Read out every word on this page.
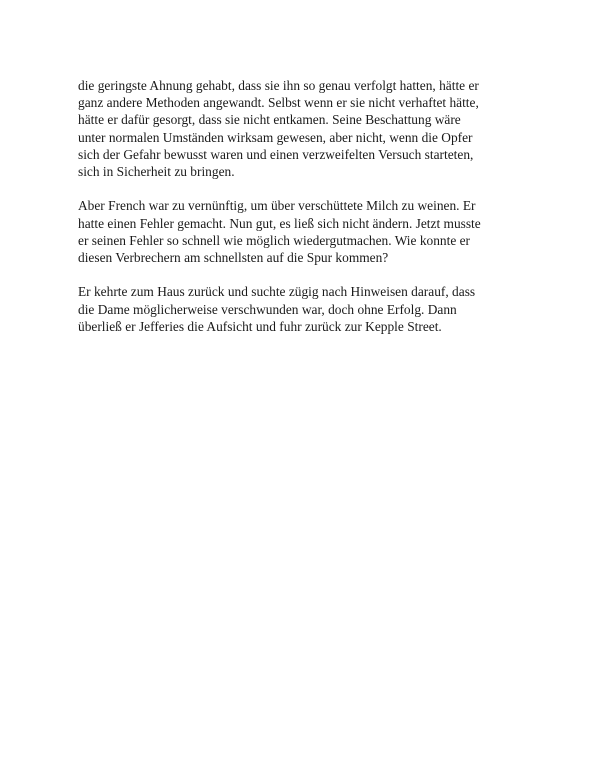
die geringste Ahnung gehabt, dass sie ihn so genau verfolgt hatten, hätte er
ganz andere Methoden angewandt. Selbst wenn er sie nicht verhaftet hätte,
hätte er dafür gesorgt, dass sie nicht entkamen. Seine Beschattung wäre
unter normalen Umständen wirksam gewesen, aber nicht, wenn die Opfer
sich der Gefahr bewusst waren und einen verzweifelten Versuch starteten,
sich in Sicherheit zu bringen.

Aber French war zu vernünftig, um über verschüttete Milch zu weinen. Er
hatte einen Fehler gemacht. Nun gut, es ließ sich nicht ändern. Jetzt musste
er seinen Fehler so schnell wie möglich wiedergutmachen. Wie konnte er
diesen Verbrechern am schnellsten auf die Spur kommen?

Er kehrte zum Haus zurück und suchte zügig nach Hinweisen darauf, dass
die Dame möglicherweise verschwunden war, doch ohne Erfolg. Dann
überließ er Jefferies die Aufsicht und fuhr zurück zur Kepple Street.
